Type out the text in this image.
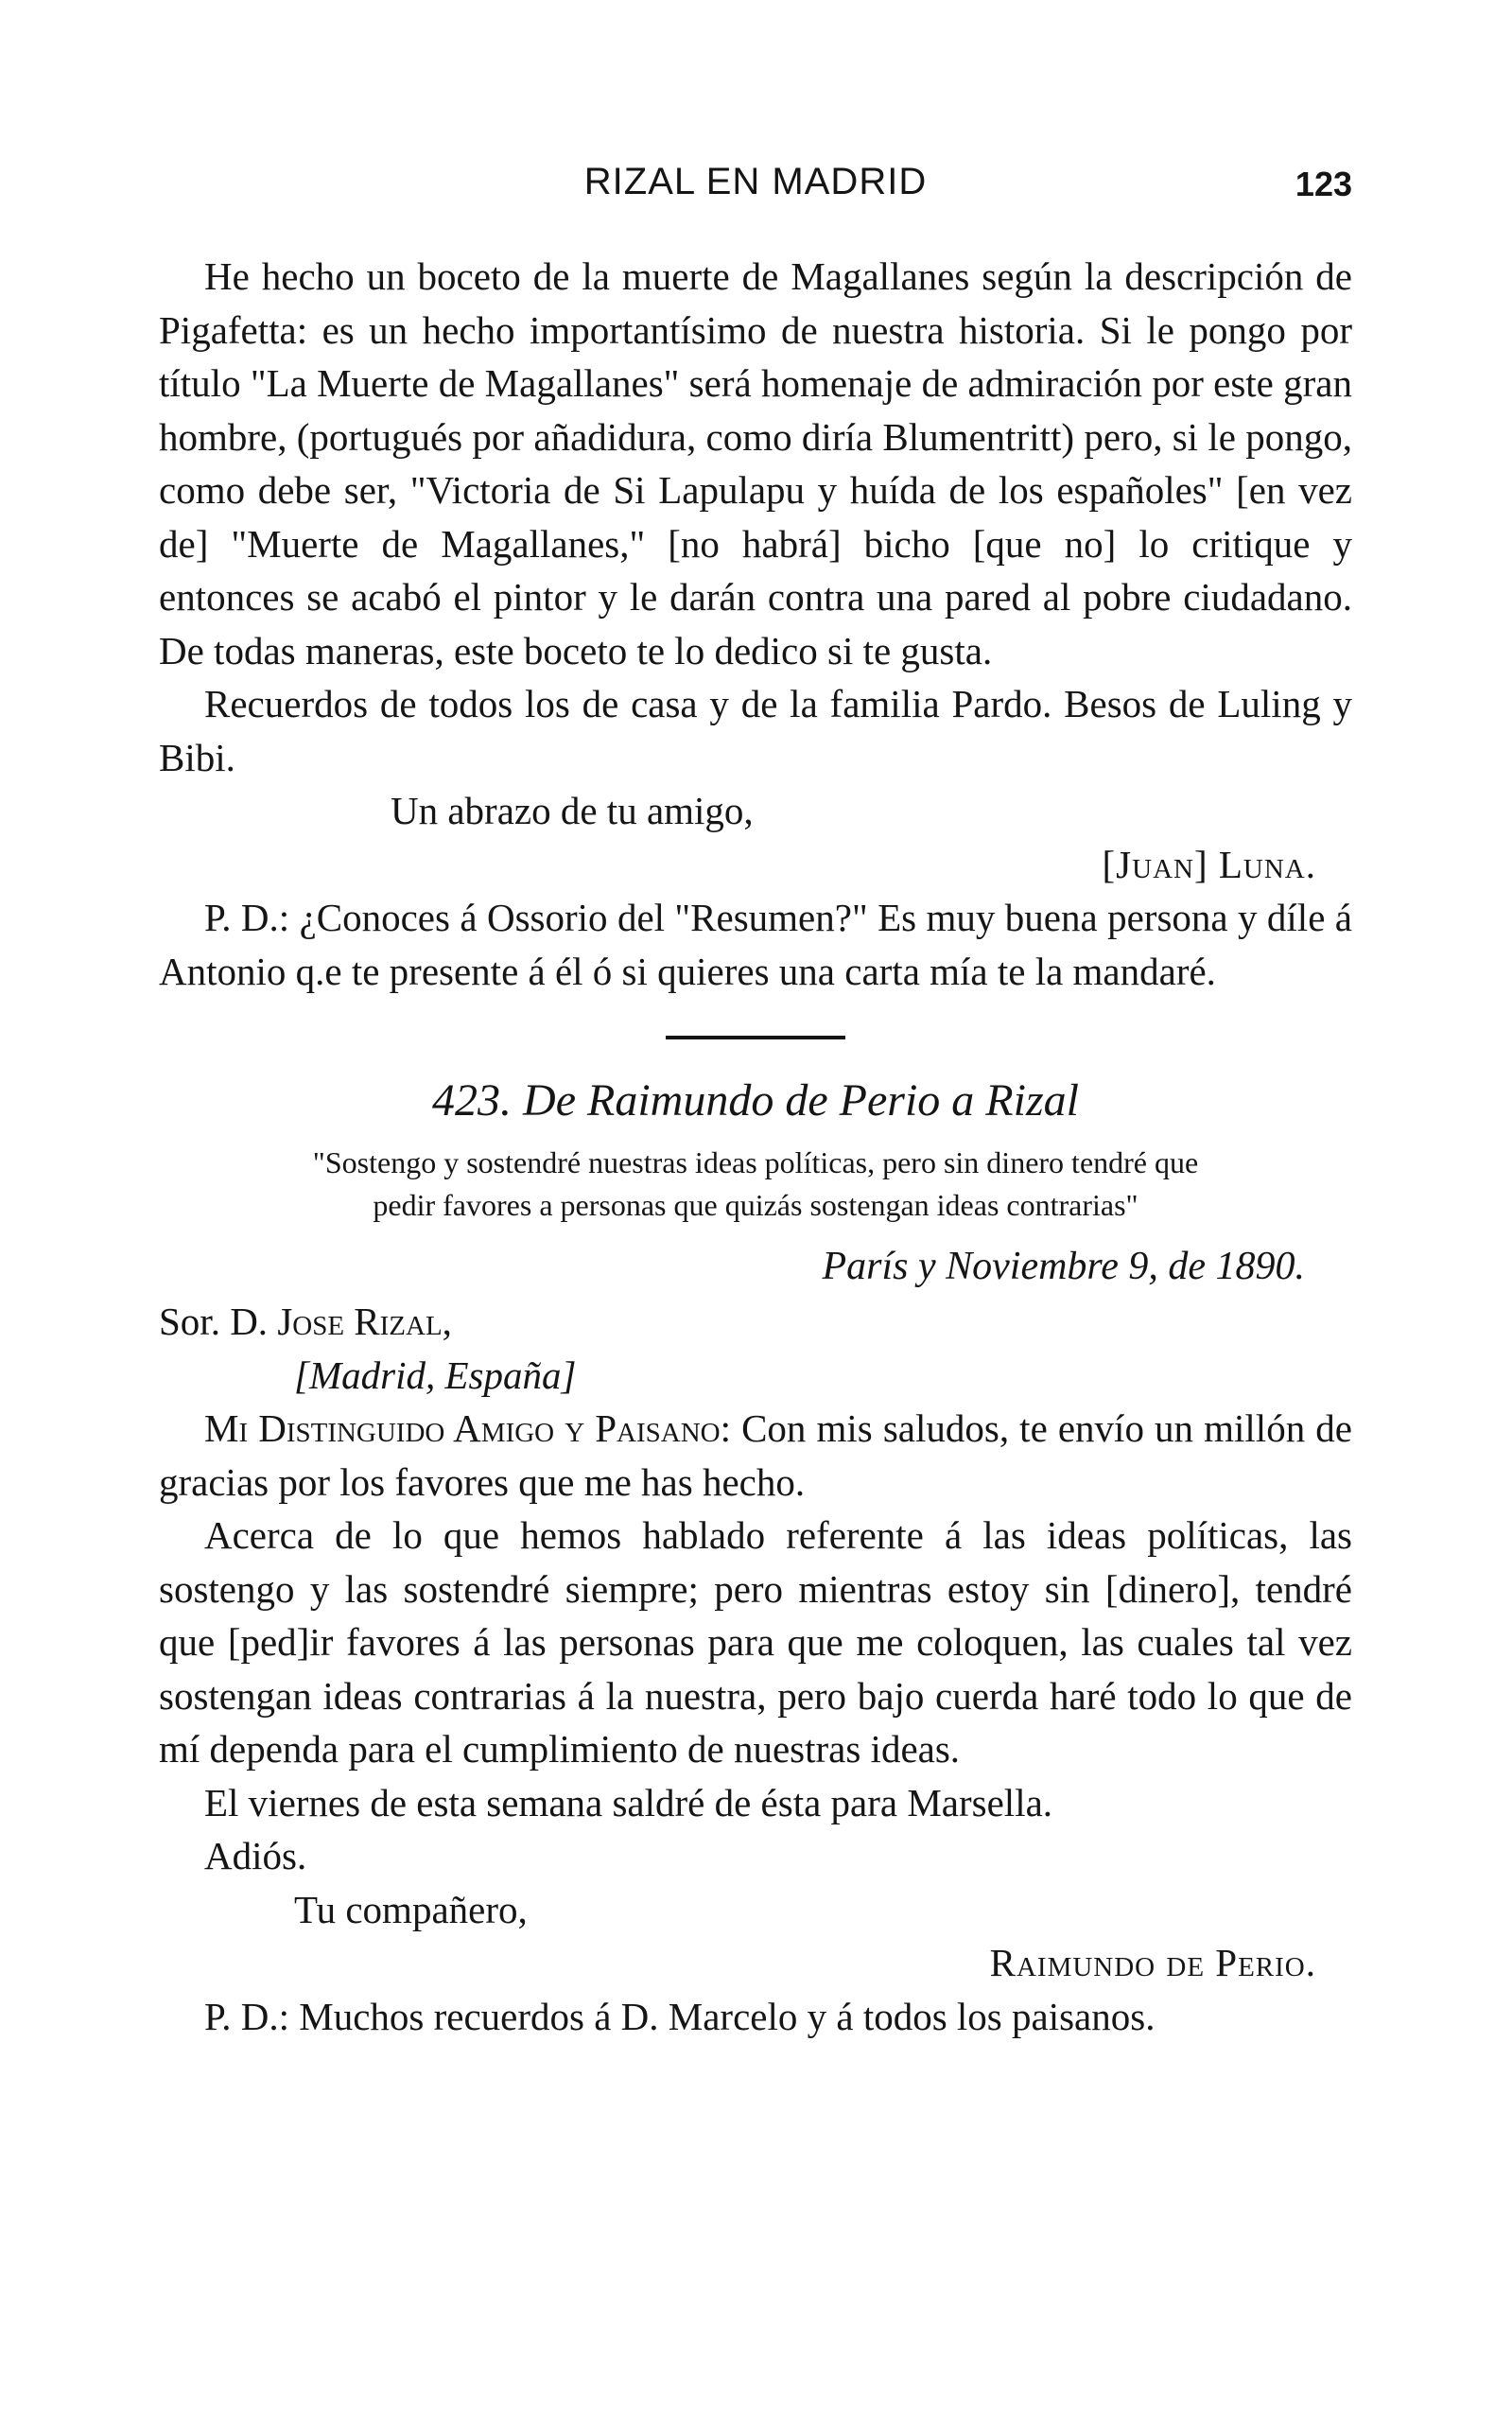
RIZAL EN MADRID	123

He hecho un boceto de la muerte de Magallanes según la descripción de Pigafetta: es un hecho importantísimo de nuestra historia. Si le pongo por título "La Muerte de Magallanes" será homenaje de admiración por este gran hombre, (portugués por añadidura, como diría Blumentritt) pero, si le pongo, como debe ser, "Victoria de Si Lapulapu y huída de los españoles" [en vez de] "Muerte de Magallanes," [no habrá] bicho [que no] lo critique y entonces se acabó el pintor y le darán contra una pared al pobre ciudadano. De todas maneras, este boceto te lo dedico si te gusta.

Recuerdos de todos los de casa y de la familia Pardo. Besos de Luling y Bibi.

Un abrazo de tu amigo,

[Juan] Luna.

P. D.: ¿Conoces á Ossorio del "Resumen?" Es muy buena persona y díle á Antonio q.e te presente á él ó si quieres una carta mía te la mandaré.

423. De Raimundo de Perio a Rizal
"Sostengo y sostendré nuestras ideas políticas, pero sin dinero tendré que
pedir favores a personas que quizás sostengan ideas contrarias"
París y Noviembre 9, de 1890.
Sor. D. Jose Rizal,
[Madrid, España]

Mi Distinguido Amigo y Paisano: Con mis saludos, te envío un millón de gracias por los favores que me has hecho.

Acerca de lo que hemos hablado referente á las ideas políticas, las sostengo y las sostendré siempre; pero mientras estoy sin [dinero], tendré que [ped]ir favores á las personas para que me coloquen, las cuales tal vez sostengan ideas contrarias á la nuestra, pero bajo cuerda haré todo lo que de mí dependa para el cumplimiento de nuestras ideas.

El viernes de esta semana saldré de ésta para Marsella.

Adiós.

Tu compañero,

Raimundo de Perio.

P. D.: Muchos recuerdos á D. Marcelo y á todos los paisanos.
